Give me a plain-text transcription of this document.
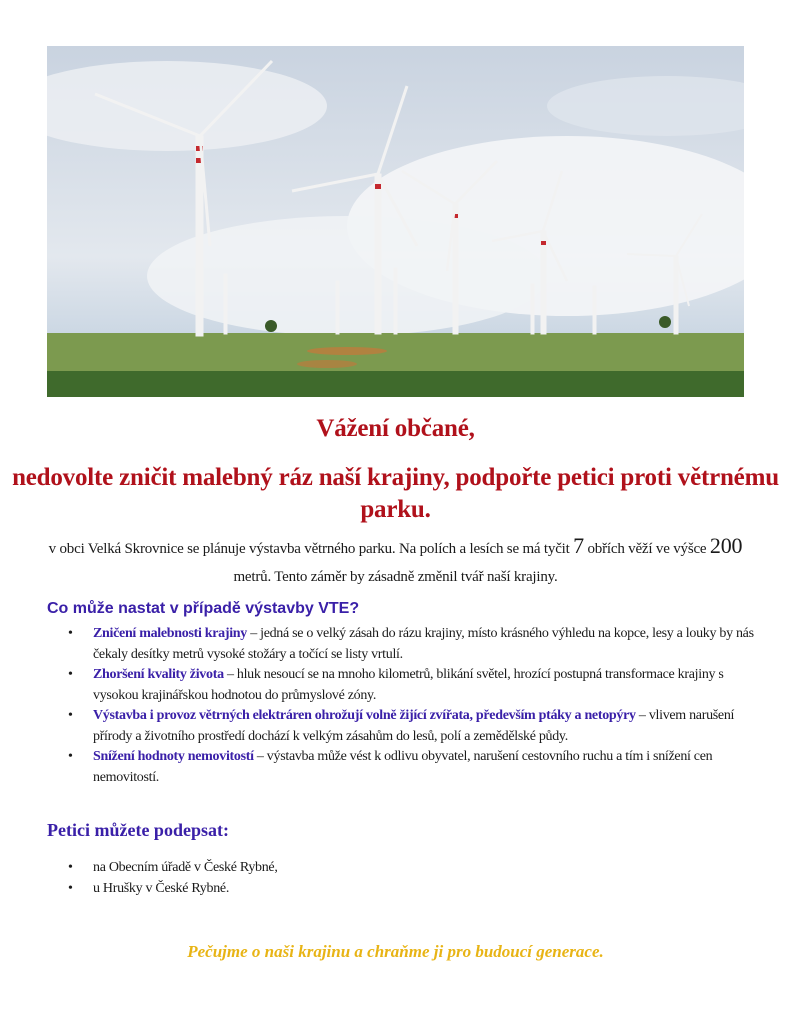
Vážení občané,
nedovolte zničit malebný ráz naší krajiny, podpořte petici proti větrnému parku.
v obci Velká Skrovnice se plánuje výstavba větrného parku. Na polích a lesích se má tyčit 7 obřích věží ve výšce 200 metrů. Tento záměr by zásadně změnil tvář naší krajiny.
Co může nastat v případě výstavby VTE?
• Zničení malebnosti krajiny – jedná se o velký zásah do rázu krajiny, místo krásného výhledu na kopce, lesy a louky by nás čekaly desítky metrů vysoké stožáry a točící se listy vrtulí.
• Zhoršení kvality života – hluk nesoucí se na mnoho kilometrů, blikání světel, hrozící postupná transformace krajiny s vysokou krajinářskou hodnotou do průmyslové zóny.
• Výstavba i provoz větrných elektráren ohrožují volně žijící zvířata, především ptáky a netopýry – vlivem narušení přírody a životního prostředí dochází k velkým zásahům do lesů, polí a zemědělské půdy.
• Snížení hodnoty nemovitostí – výstavba může vést k odlivu obyvatel, narušení cestovního ruchu a tím i snížení cen nemovitostí.
Petici můžete podepsat:
• na Obecním úřadě v České Rybné,
• u Hrušky v České Rybné.
Pečujme o naši krajinu a chraňme ji pro budoucí generace.
